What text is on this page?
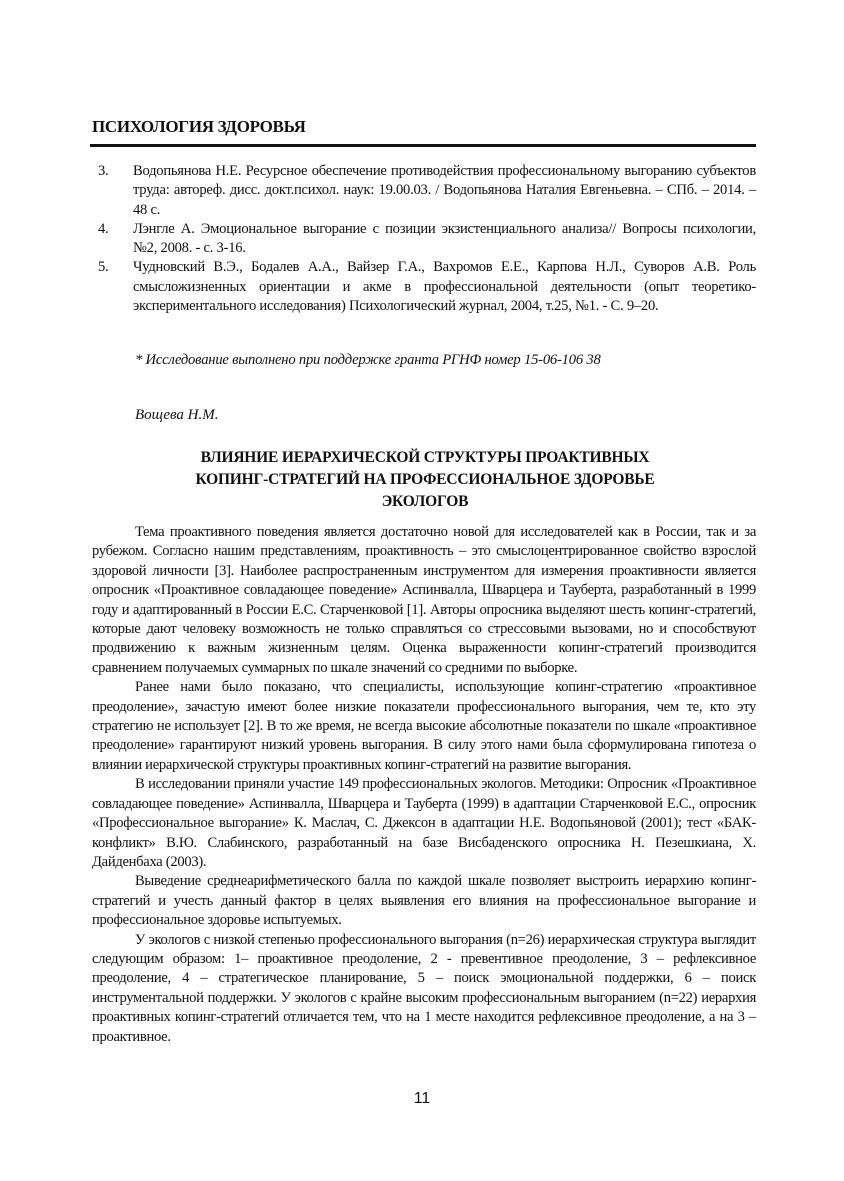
ПСИХОЛОГИЯ ЗДОРОВЬЯ
3.	Водопьянова Н.Е. Ресурсное обеспечение противодействия профессиональному выгоранию субъектов труда: автореф. дисс. докт.психол. наук: 19.00.03. / Водопьянова Наталия Евгеньевна. – СПб. – 2014. – 48 с.
4.	Лэнгле А. Эмоциональное выгорание с позиции экзистенциального анализа// Вопросы психологии, №2, 2008. - с. 3-16.
5.	Чудновский В.Э., Бодалев А.А., Вайзер Г.А., Вахромов Е.Е., Карпова Н.Л., Суворов А.В. Роль смысложизненных ориентации и акме в профессиональной деятельности (опыт теоретико-экспериментального исследования) Психологический журнал, 2004, т.25, №1. - С. 9–20.
* Исследование выполнено при поддержке гранта РГНФ номер 15-06-106 38
Вощева Н.М.
ВЛИЯНИЕ ИЕРАРХИЧЕСКОЙ СТРУКТУРЫ ПРОАКТИВНЫХ
КОПИНГ-СТРАТЕГИЙ НА ПРОФЕССИОНАЛЬНОЕ ЗДОРОВЬЕ
ЭКОЛОГОВ

Тема проактивного поведения является достаточно новой для исследователей как в России, так и за рубежом. Согласно нашим представлениям, проактивность – это смыслоцентрированное свойство взрослой здоровой личности [3]. Наиболее распространенным инструментом для измерения проактивности является опросник «Проактивное совладающее поведение» Аспинвалла, Шварцера и Тауберта, разработанный в 1999 году и адаптированный в России Е.С. Старченковой [1]. Авторы опросника выделяют шесть копинг-стратегий, которые дают человеку возможность не только справляться со стрессовыми вызовами, но и способствуют продвижению к важным жизненным целям. Оценка выраженности копинг-стратегий производится сравнением получаемых суммарных по шкале значений со средними по выборке.

Ранее нами было показано, что специалисты, использующие копинг-стратегию «проактивное преодоление», зачастую имеют более низкие показатели профессионального выгорания, чем те, кто эту стратегию не использует [2]. В то же время, не всегда высокие абсолютные показатели по шкале «проактивное преодоление» гарантируют низкий уровень выгорания. В силу этого нами была сформулирована гипотеза о влиянии иерархической структуры проактивных копинг-стратегий на развитие выгорания.

В исследовании приняли участие 149 профессиональных экологов. Методики: Опросник «Проактивное совладающее поведение» Аспинвалла, Шварцера и Тауберта (1999) в адаптации Старченковой Е.С., опросник «Профессиональное выгорание» К. Маслач, С. Джексон в адаптации Н.Е. Водопьяновой (2001); тест «БАК-конфликт» В.Ю. Слабинского, разработанный на базе Висбаденского опросника Н. Пезешкиана, Х. Дайденбаха (2003).

Выведение среднеарифметического балла по каждой шкале позволяет выстроить иерархию копинг-стратегий и учесть данный фактор в целях выявления его влияния на профессиональное выгорание и профессиональное здоровье испытуемых.

У экологов с низкой степенью профессионального выгорания (n=26) иерархическая структура выглядит следующим образом: 1– проактивное преодоление, 2 - превентивное преодоление, 3 – рефлексивное преодоление, 4 – стратегическое планирование, 5 – поиск эмоциональной поддержки, 6 – поиск инструментальной поддержки. У экологов с крайне высоким профессиональным выгоранием (n=22) иерархия проактивных копинг-стратегий отличается тем, что на 1 месте находится рефлексивное преодоление, а на 3 – проактивное.

11
